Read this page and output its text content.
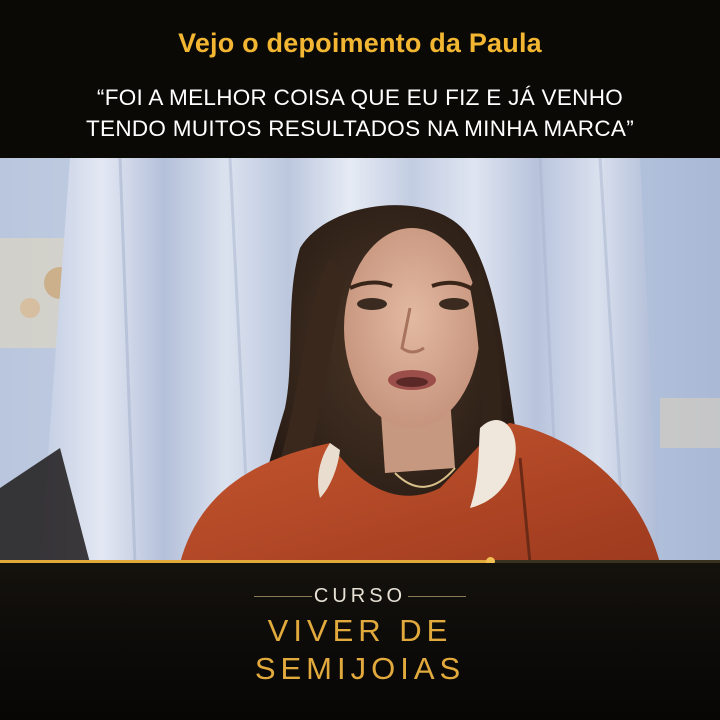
Vejo o depoimento da Paula
“FOI A MELHOR COISA QUE EU FIZ E JÁ VENHO
TENDO MUITOS RESULTADOS NA MINHA MARCA”
CURSO
VIVER DE
SEMIJOIAS
